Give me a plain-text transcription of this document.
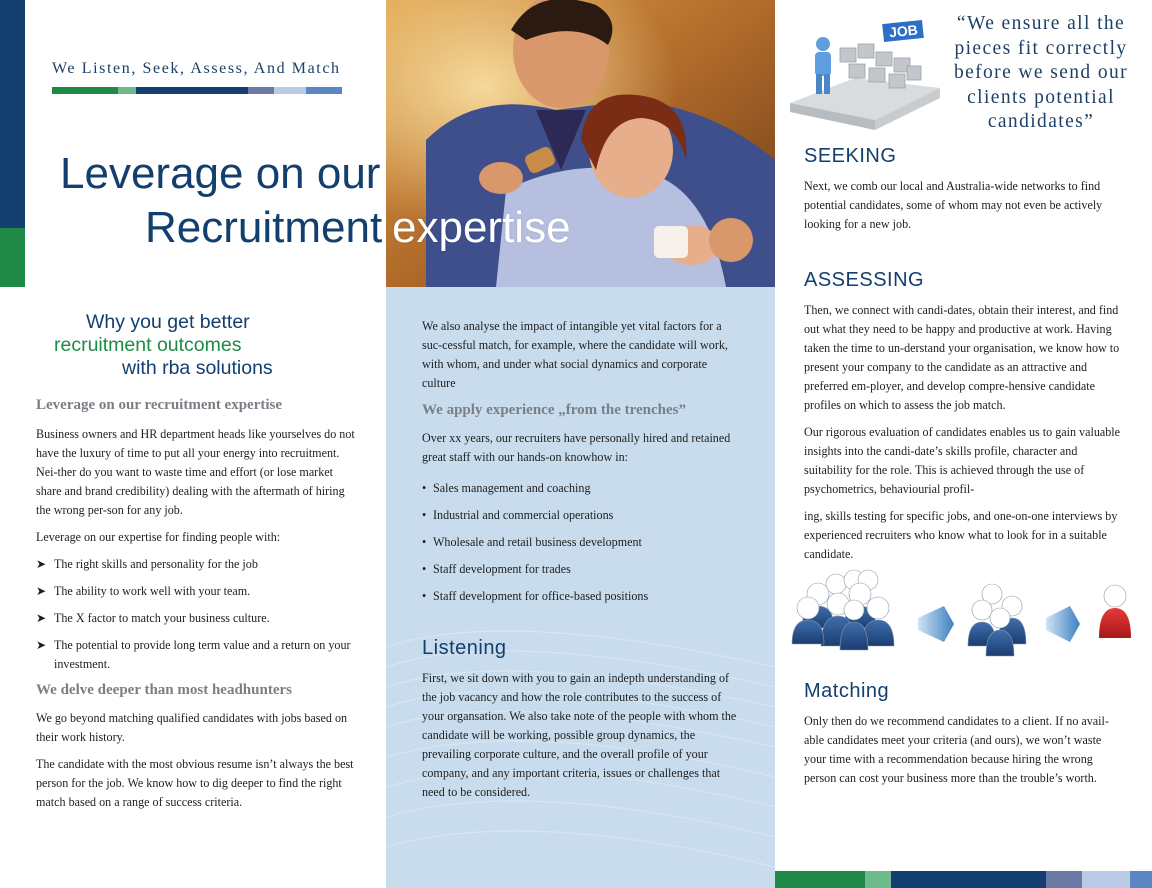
We Listen, Seek, Assess, And Match
Leverage on our
Recruitment expertise
JOB	“We ensure all the pieces fit correctly before we send our clients potential candidates”
Why you get better
recruitment outcomes
with rba solutions
Leverage on our recruitment expertise

Business owners and HR department heads like yourselves do not have the luxury of time to put all your energy into recruitment. Nei-ther do you want to waste time and effort (or lose market share and brand credibility) dealing with the aftermath of hiring the wrong per-son for any job.

Leverage on our expertise for finding people with:

➤ The right skills and personality for the job
➤ The ability to work well with your team.
➤ The X factor to match your business culture.
➤ The potential to provide long term value and a return on your investment.
We delve deeper than most headhunters

We go beyond matching qualified candidates with jobs based on their work history.

The candidate with the most obvious resume isn’t always the best person for the job. We know how to dig deeper to find the right match based on a range of success criteria.

We also analyse the impact of intangible yet vital factors for a suc-cessful match, for example, where the candidate will work, with whom, and under what social dynamics and corporate culture
We apply experience „from the trenches”

Over xx years, our recruiters have personally hired and retained great staff with our hands-on knowhow in:

• Sales management and coaching
• Industrial and commercial operations
• Wholesale and retail business development
• Staff development for trades
• Staff development for office-based positions
Listening
First, we sit down with you to gain an indepth understanding of the job vacancy and how the role contributes to the success of your organsation. We also take note of the people with whom the candidate will be working, possible group dynamics, the prevailing corporate culture, and the overall profile of your company, and any important criteria, issues or challenges that need to be considered.
SEEKING
Next, we comb our local and Australia-wide networks to find potential candidates, some of whom may not even be actively looking for a new job.
ASSESSING

Then, we connect with candi-dates, obtain their interest, and find out what they need to be happy and productive at work. Having taken the time to un-derstand your organisation, we know how to present your company to the candidate as an attractive and preferred em-ployer, and develop compre-hensive candidate profiles on which to assess the job match.

Our rigorous evaluation of candidates enables us to gain valuable insights into the candi-date’s skills profile, character and suitability for the role. This is achieved through the use of psychometrics, behaviourial profil-

ing, skills testing for specific jobs, and one-on-one interviews by experienced recruiters who know what to look for in a suitable candidate.

Matching
Only then do we recommend candidates to a client. If no avail-able candidates meet your criteria (and ours), we won’t waste your time with a recommendation because hiring the wrong person can cost your business more than the trouble’s worth.
